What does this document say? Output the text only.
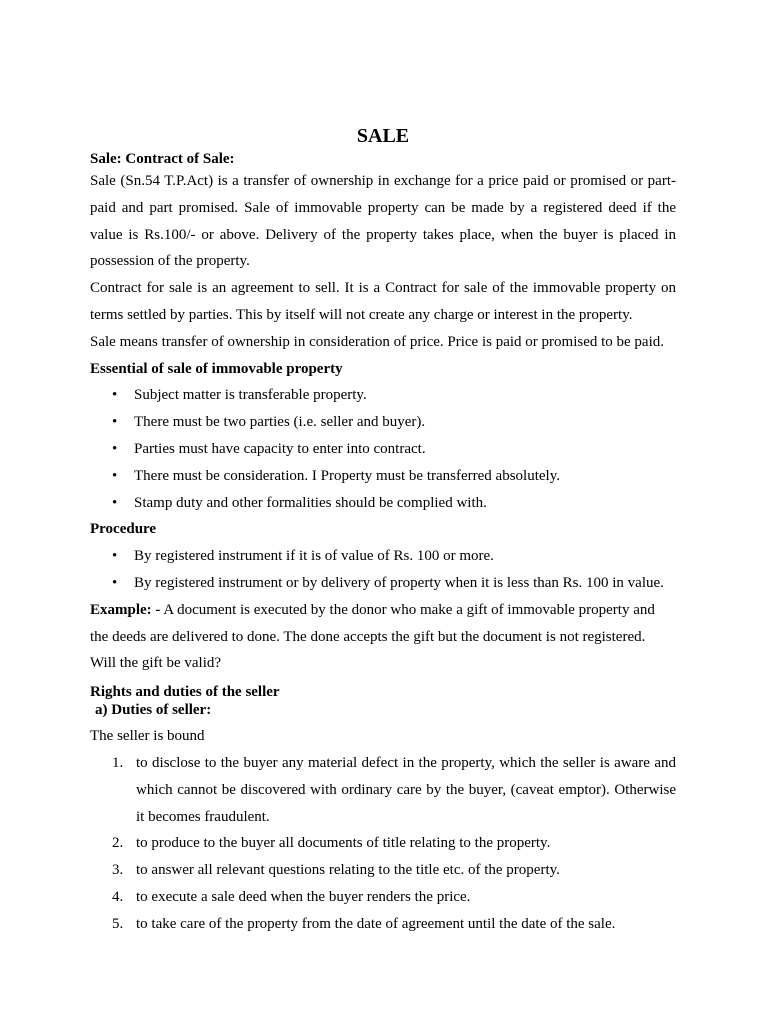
SALE
Sale: Contract of Sale:

Sale (Sn.54 T.P.Act) is a transfer of ownership in exchange for a price paid or promised or part-paid and part promised. Sale of immovable property can be made by a registered deed if the value is Rs.100/- or above. Delivery of the property takes place, when the buyer is placed in possession of the property.

Contract for sale is an agreement to sell. It is a Contract for sale of the immovable property on terms settled by parties. This by itself will not create any charge or interest in the property.

Sale means transfer of ownership in consideration of price. Price is paid or promised to be paid.

Essential of sale of immovable property
• Subject matter is transferable property.
• There must be two parties (i.e. seller and buyer).
• Parties must have capacity to enter into contract.
• There must be consideration. I Property must be transferred absolutely.
• Stamp duty and other formalities should be complied with.
Procedure
• By registered instrument if it is of value of Rs. 100 or more.
• By registered instrument or by delivery of property when it is less than Rs. 100 in value.

Example: - A document is executed by the donor who make a gift of immovable property and the deeds are delivered to done. The done accepts the gift but the document is not registered.

Will the gift be valid?

Rights and duties of the seller
a) Duties of seller:

The seller is bound

1. to disclose to the buyer any material defect in the property, which the seller is aware and which cannot be discovered with ordinary care by the buyer, (caveat emptor). Otherwise it becomes fraudulent.
2. to produce to the buyer all documents of title relating to the property.
3. to answer all relevant questions relating to the title etc. of the property.
4. to execute a sale deed when the buyer renders the price.
5. to take care of the property from the date of agreement until the date of the sale.
